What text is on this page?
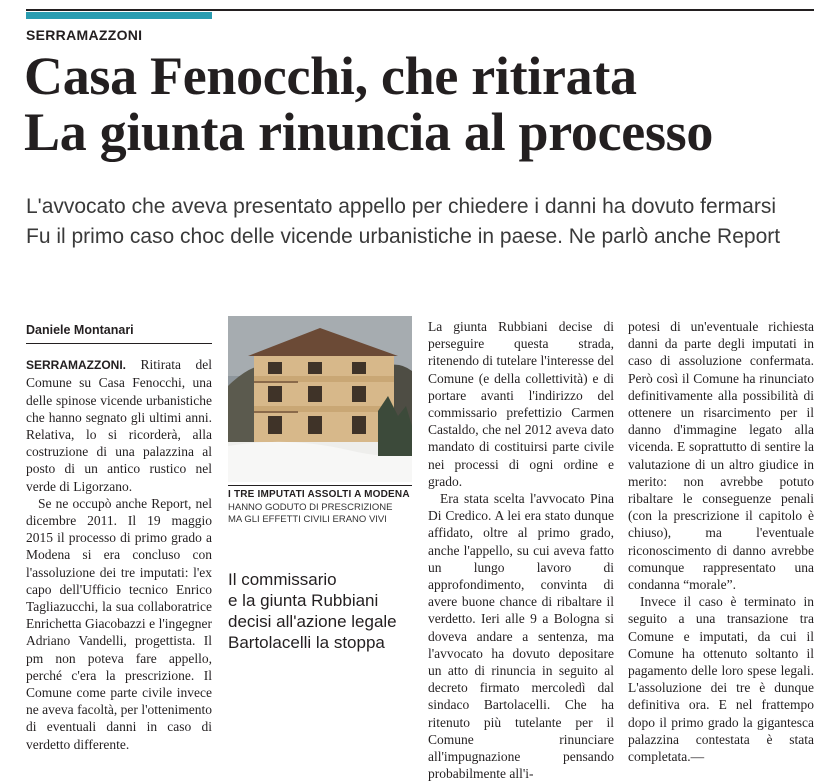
SERRAMAZZONI
Casa Fenocchi, che ritirata
La giunta rinuncia al processo
L'avvocato che aveva presentato appello per chiedere i danni ha dovuto fermarsi
Fu il primo caso choc delle vicende urbanistiche in paese. Ne parlò anche Report
Daniele Montanari

SERRAMAZZONI. Ritirata del Comune su Casa Fenocchi, una delle spinose vicende urbanistiche che hanno segnato gli ultimi anni. Relativa, lo si ricorderà, alla costruzione di una palazzina al posto di un antico rustico nel verde di Ligorzano.

Se ne occupò anche Report, nel dicembre 2011. Il 19 maggio 2015 il processo di primo grado a Modena si era concluso con l'assoluzione dei tre imputati: l'ex capo dell'Ufficio tecnico Enrico Tagliazucchi, la sua collaboratrice Enrichetta Giacobazzi e l'ingegner Adriano Vandelli, progettista. Il pm non poteva fare appello, perché c'era la prescrizione. Il Comune come parte civile invece ne aveva facoltà, per l'ottenimento di eventuali danni in caso di verdetto differente.

I TRE IMPUTATI ASSOLTI A MODENA
HANNO GODUTO DI PRESCRIZIONE
MA GLI EFFETTI CIVILI ERANO VIVI
Il commissario
e la giunta Rubbiani
decisi all'azione legale
Bartolacelli la stoppa

La giunta Rubbiani decise di perseguire questa strada, ritenendo di tutelare l'interesse del Comune (e della collettività) e di portare avanti l'indirizzo del commissario prefettizio Carmen Castaldo, che nel 2012 aveva dato mandato di costituirsi parte civile nei processi di ogni ordine e grado.

Era stata scelta l'avvocato Pina Di Credico. A lei era stato dunque affidato, oltre al primo grado, anche l'appello, su cui aveva fatto un lungo lavoro di approfondimento, convinta di avere buone chance di ribaltare il verdetto. Ieri alle 9 a Bologna si doveva andare a sentenza, ma l'avvocato ha dovuto depositare un atto di rinuncia in seguito al decreto firmato mercoledì dal sindaco Bartolacelli. Che ha ritenuto più tutelante per il Comune rinunciare all'impugnazione pensando probabilmente all'i-

potesi di un'eventuale richiesta danni da parte degli imputati in caso di assoluzione confermata. Però così il Comune ha rinunciato definitivamente alla possibilità di ottenere un risarcimento per il danno d'immagine legato alla vicenda. E soprattutto di sentire la valutazione di un altro giudice in merito: non avrebbe potuto ribaltare le conseguenze penali (con la prescrizione il capitolo è chiuso), ma l'eventuale riconoscimento di danno avrebbe comunque rappresentato una condanna “morale”.

Invece il caso è terminato in seguito a una transazione tra Comune e imputati, da cui il Comune ha ottenuto soltanto il pagamento delle loro spese legali. L'assoluzione dei tre è dunque definitiva ora. E nel frattempo dopo il primo grado la gigantesca palazzina contestata è stata completata.—
